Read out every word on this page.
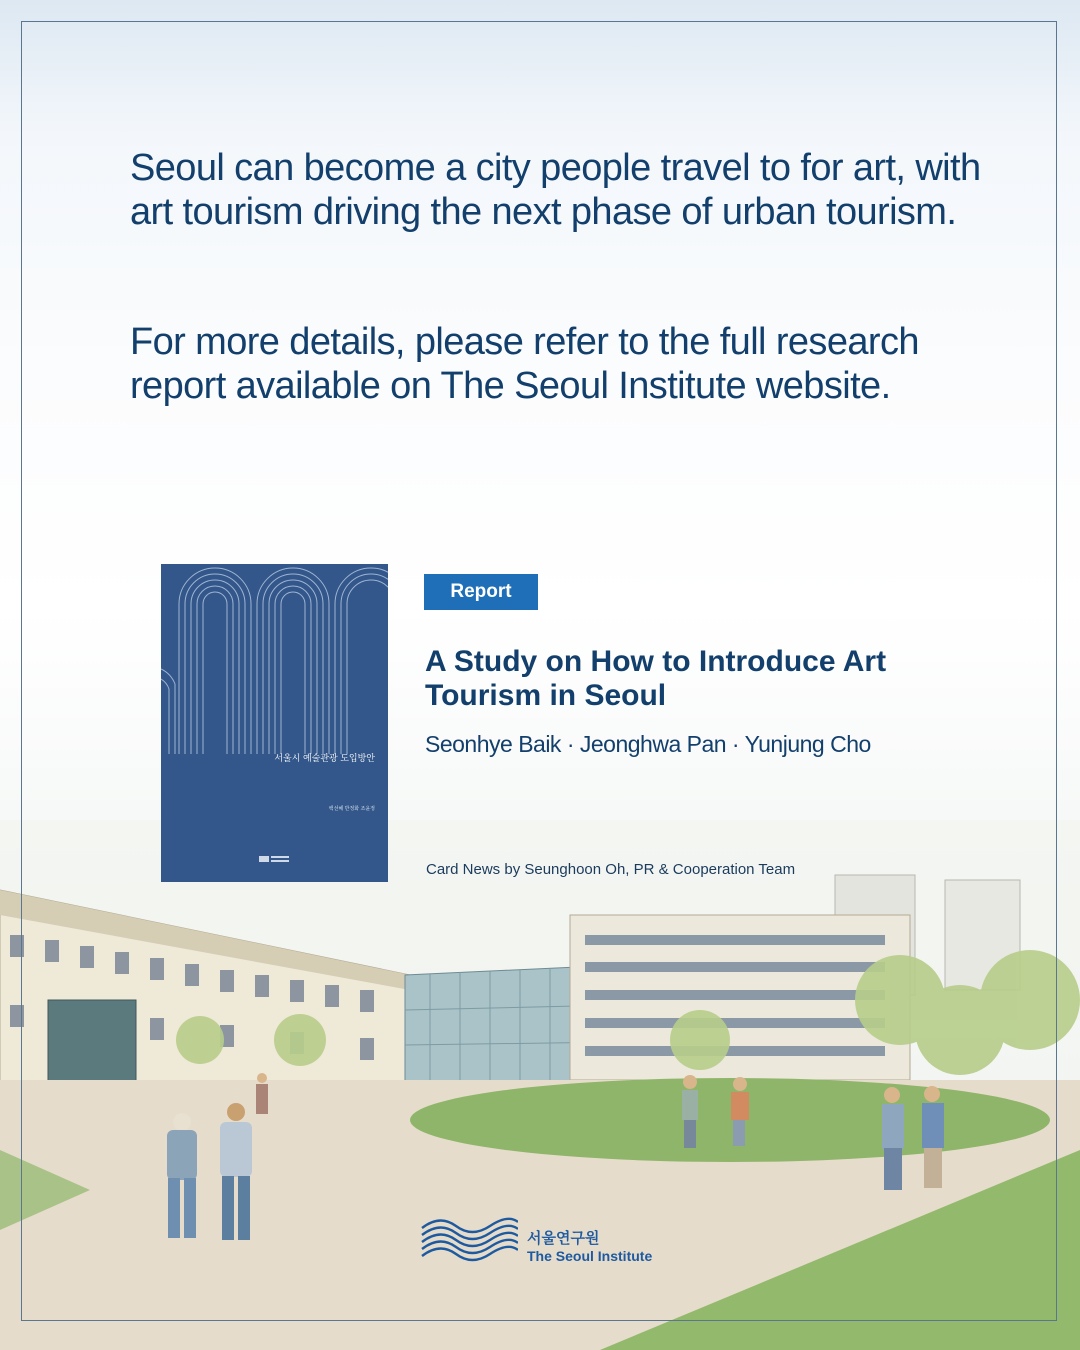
Seoul can become a city people travel to for art, with art tourism driving the next phase of urban tourism.

For more details, please refer to the full research report available on The Seoul Institute website.

서울시 예술관광 도입방안
백선혜 반정화 조윤정
Report
A Study on How to Introduce Art Tourism in Seoul
Seonhye Baik · Jeonghwa Pan · Yunjung Cho
Card News by Seunghoon Oh, PR & Cooperation Team
서울연구원
The Seoul Institute
